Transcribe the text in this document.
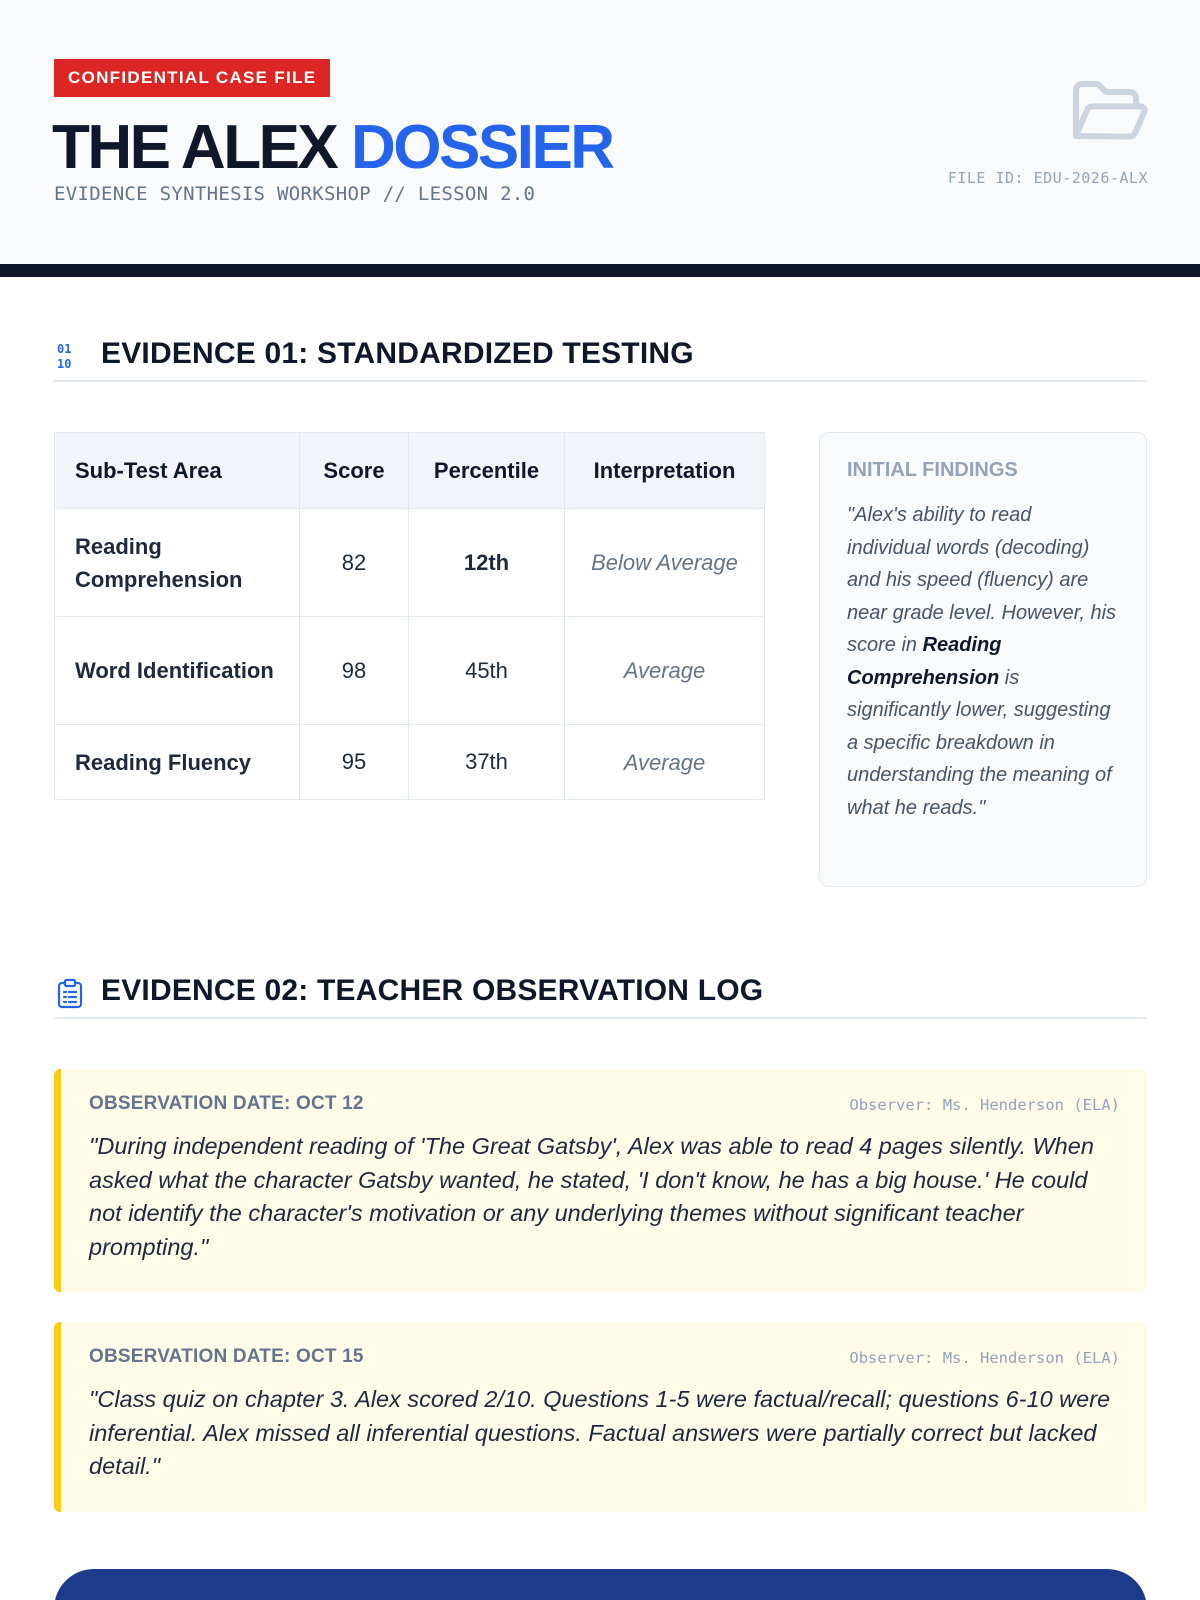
CONFIDENTIAL CASE FILE
THE ALEX DOSSIER
EVIDENCE SYNTHESIS WORKSHOP // LESSON 2.0
FILE ID: EDU-2026-ALX
01
10 EVIDENCE 01: STANDARDIZED TESTING
Sub-Test Area	Score	Percentile	Interpretation
Reading Comprehension	82	12th	Below Average
Word Identification	98	45th	Average
Reading Fluency	95	37th	Average
INITIAL FINDINGS
"Alex's ability to read individual words (decoding) and his speed (fluency) are near grade level. However, his score in Reading Comprehension is significantly lower, suggesting a specific breakdown in understanding the meaning of what he reads."
EVIDENCE 02: TEACHER OBSERVATION LOG
OBSERVATION DATE: OCT 12	Observer: Ms. Henderson (ELA)
"During independent reading of 'The Great Gatsby', Alex was able to read 4 pages silently. When asked what the character Gatsby wanted, he stated, 'I don't know, he has a big house.' He could not identify the character's motivation or any underlying themes without significant teacher prompting."
OBSERVATION DATE: OCT 15	Observer: Ms. Henderson (ELA)
"Class quiz on chapter 3. Alex scored 2/10. Questions 1-5 were factual/recall; questions 6-10 were inferential. Alex missed all inferential questions. Factual answers were partially correct but lacked detail."
